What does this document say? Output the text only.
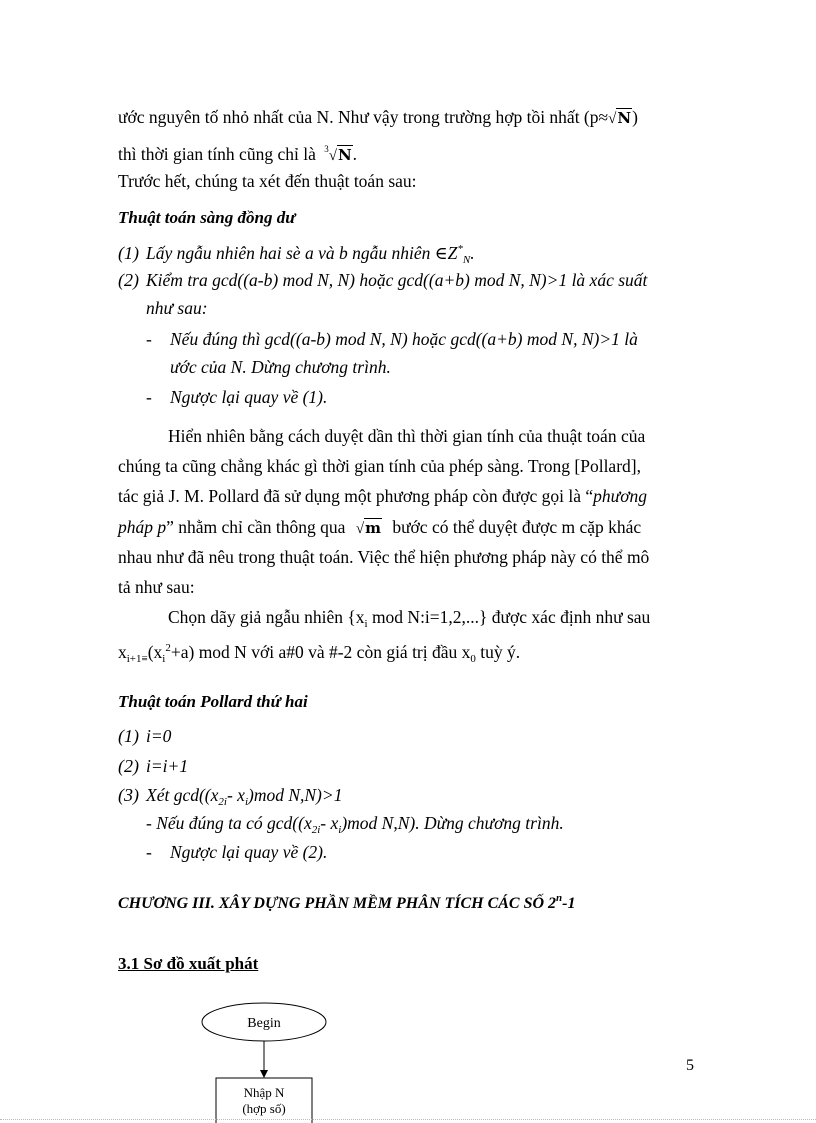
ước nguyên tố nhỏ nhất của N. Như vậy trong trường hợp tồi nhất (p≈√N)
thì thời gian tính cũng chỉ là $^3$√N.
Trước hết, chúng ta xét đến thuật toán sau:
Thuật toán sàng đồng dư
(1) Lấy ngẫu nhiên hai sè a và b ngẫu nhiên $\in Z^*_N$.
(2) Kiểm tra gcd((a-b) mod N, N) hoặc gcd((a+b) mod N, N)>1 là xác suất
như sau:
- Nếu đúng thì gcd((a-b) mod N, N) hoặc gcd((a+b) mod N, N)>1 là
ước của N. Dừng chương trình.
- Ngược lại quay về (1).
Hiển nhiên bằng cách duyệt dần thì thời gian tính của thuật toán của
chúng ta cũng chẳng khác gì thời gian tính của phép sàng. Trong [Pollard],
tác giả J. M. Pollard đã sử dụng một phương pháp còn được gọi là “phương
pháp p” nhằm chỉ cần thông qua √m bước có thể duyệt được m cặp khác
nhau như đã nêu trong thuật toán. Việc thể hiện phương pháp này có thể mô
tả như sau:
Chọn dãy giả ngẫu nhiên {$x_i$ mod N:i=1,2,...} được xác định như sau
$x_{i+1\equiv}(x_i^2+a)$ mod N với a#0 và #-2 còn giá trị đầu $x_0$ tuỳ ý.
Thuật toán Pollard thứ hai
(1) i=0
(2) i=i+1
(3) Xét $\gcd((x_{2i}-$ $x_i)mod$ N,N)>1
- Nếu đúng ta có $\gcd((x_{2i}-$ $x_i)mod$ N,N). Dừng chương trình.
- Ngược lại quay về (2).
CHƯƠNG III. XÂY DỰNG PHẦN MỀM PHÂN TÍCH CÁC SỐ 2$^n$-1
3.1 Sơ đồ xuất phát
Begin
Nhập N
(hợp số)
5
